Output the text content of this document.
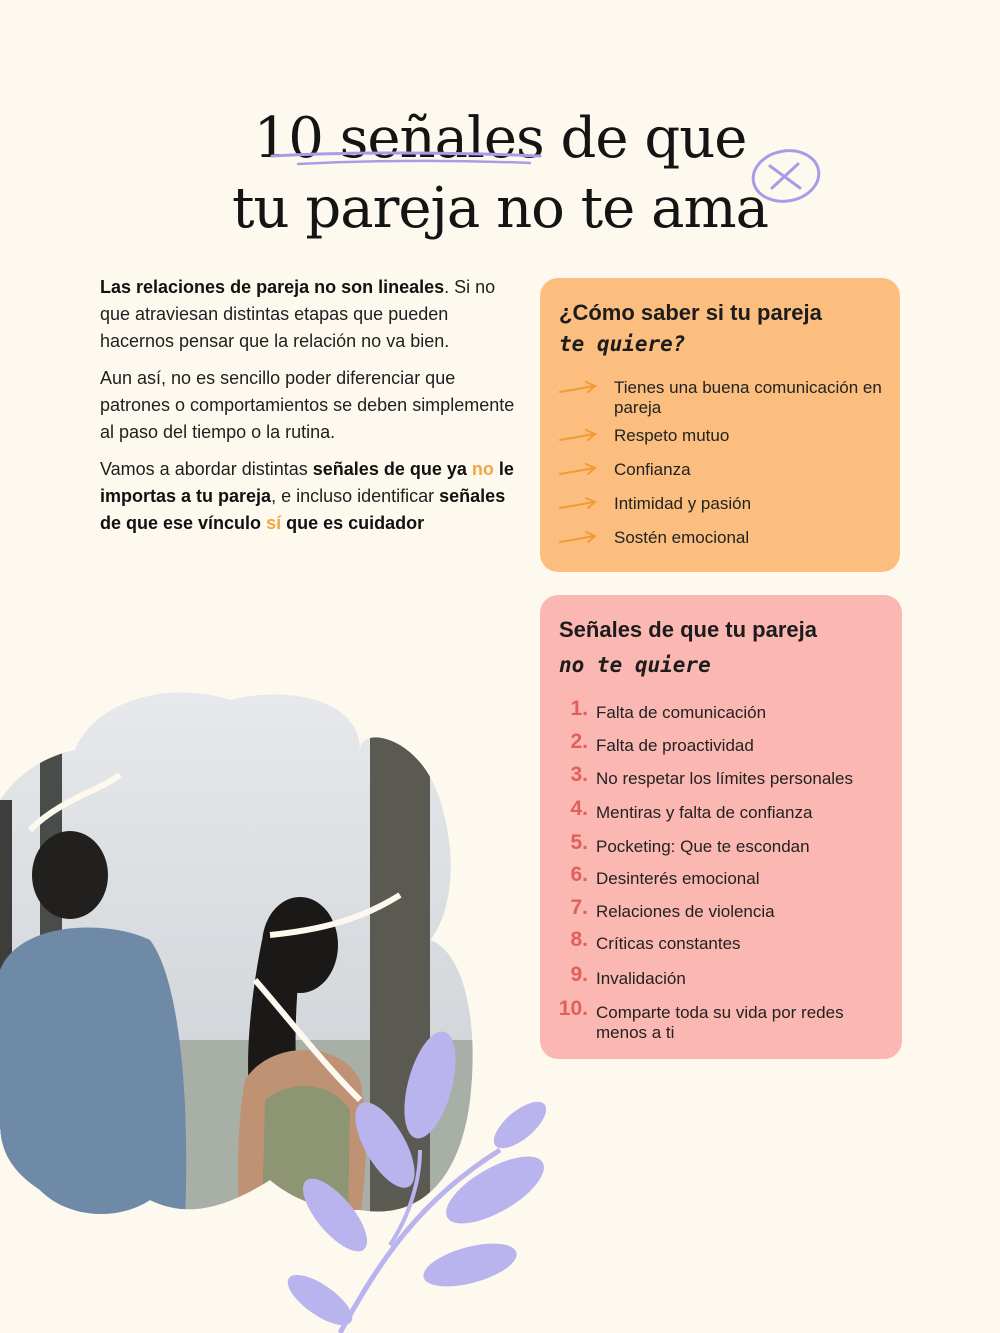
10 señales de que
tu pareja no te ama

Las relaciones de pareja no son lineales. Si no que atraviesan distintas etapas que pueden hacernos pensar que la relación no va bien.

Aun así, no es sencillo poder diferenciar que patrones o comportamientos se deben simplemente al paso del tiempo o la rutina.

Vamos a abordar distintas señales de que ya no le importas a tu pareja, e incluso identificar señales de que ese vínculo sí que es cuidador

¿Cómo saber si tu pareja
te quiere?
Tienes una buena comunicación en pareja
Respeto mutuo
Confianza
Intimidad y pasión
Sostén emocional
Señales de que tu pareja
no te quiere
1. Falta de comunicación
2. Falta de proactividad
3. No respetar los límites personales
4. Mentiras y falta de confianza
5. Pocketing: Que te escondan
6. Desinterés emocional
7. Relaciones de violencia
8. Críticas constantes
9. Invalidación
10. Comparte toda su vida por redes menos a ti
